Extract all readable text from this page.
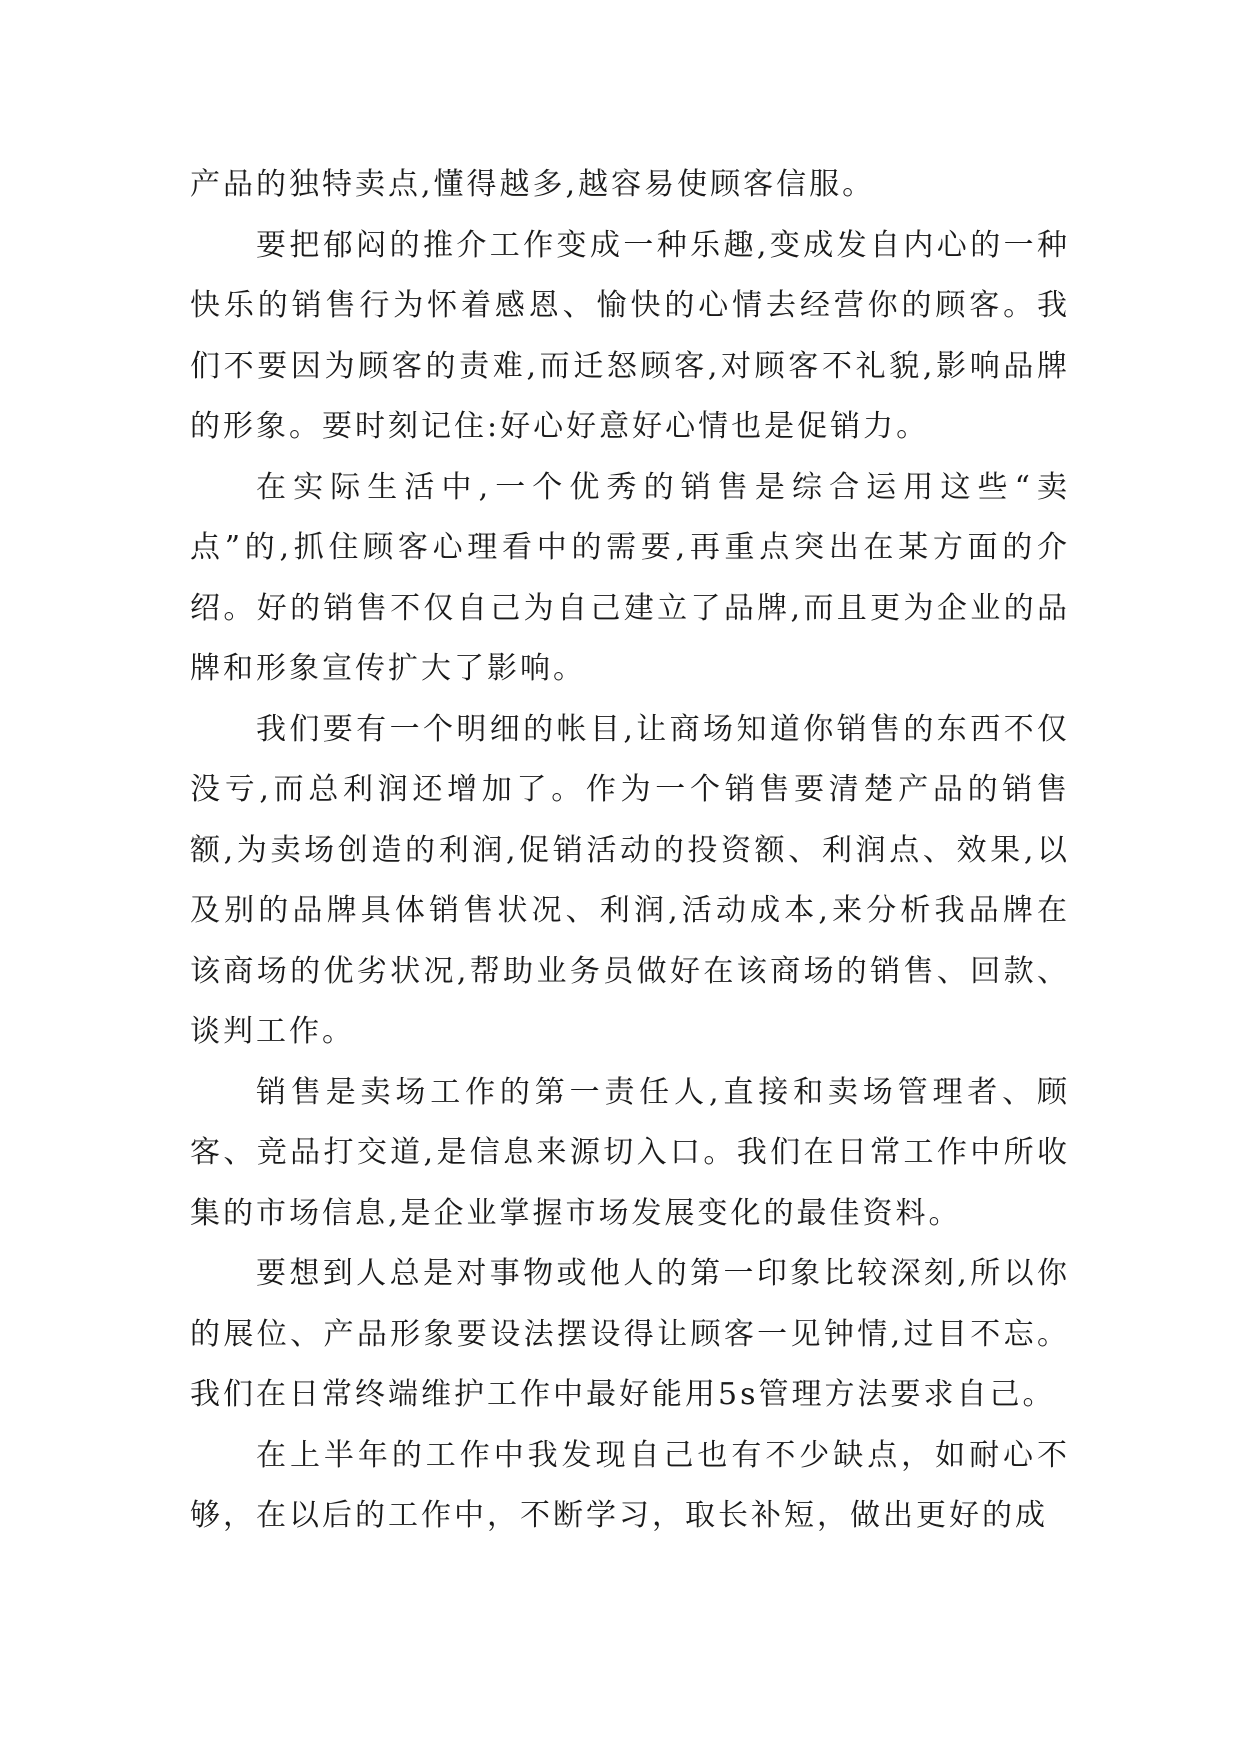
产品的独特卖点,懂得越多,越容易使顾客信服。

要把郁闷的推介工作变成一种乐趣,变成发自内心的一种快乐的销售行为怀着感恩、愉快的心情去经营你的顾客。我们不要因为顾客的责难,而迁怒顾客,对顾客不礼貌,影响品牌的形象。要时刻记住:好心好意好心情也是促销力。

在实际生活中,一个优秀的销售是综合运用这些“卖点”的,抓住顾客心理看中的需要,再重点突出在某方面的介绍。好的销售不仅自己为自己建立了品牌,而且更为企业的品牌和形象宣传扩大了影响。

我们要有一个明细的帐目,让商场知道你销售的东西不仅没亏,而总利润还增加了。作为一个销售要清楚产品的销售额,为卖场创造的利润,促销活动的投资额、利润点、效果,以及别的品牌具体销售状况、利润,活动成本,来分析我品牌在该商场的优劣状况,帮助业务员做好在该商场的销售、回款、谈判工作。

销售是卖场工作的第一责任人,直接和卖场管理者、顾客、竞品打交道,是信息来源切入口。我们在日常工作中所收集的市场信息,是企业掌握市场发展变化的最佳资料。

要想到人总是对事物或他人的第一印象比较深刻,所以你的展位、产品形象要设法摆设得让顾客一见钟情,过目不忘。我们在日常终端维护工作中最好能用5s管理方法要求自己。

在上半年的工作中我发现自己也有不少缺点，如耐心不够，在以后的工作中，不断学习，取长补短，做出更好的成
